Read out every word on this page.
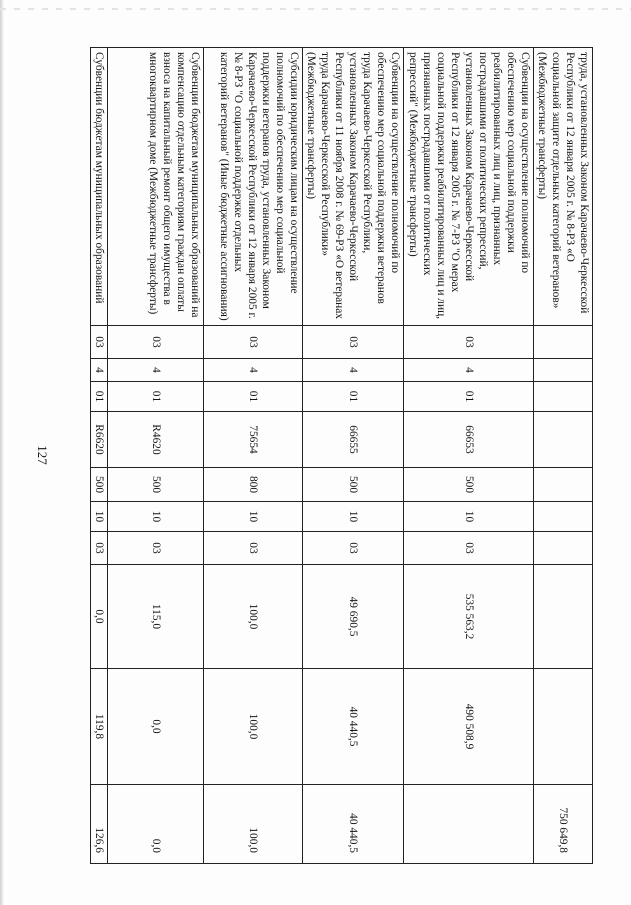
127
труда, установленных Законом Карачаево-Черкесской Республики от 12 января 2005 г. № 8-РЗ «О социальной защите отдельных категорий ветеранов» (Межбюджетные трансферты)										750 649,8
Субвенции на осуществление полномочий по обеспечению мер социальной поддержки реабилитированных лиц и лиц, признанных пострадавшими от политических репрессий, установленных Законом Карачаево-Черкесской Республики от 12 января 2005 г. № 7-РЗ "О мерах социальной поддержки реабилитированных лиц и лиц, признанных пострадавшими от политических репрессий" (Межбюджетные трансферты)	03	4	01	66653	500	10	03	535 563,2	490 508,9	
Субвенции на осуществление полномочий по обеспечению мер социальной поддержки ветеранов труда Карачаево-Черкесской Республики, установленных Законом Карачаево-Черкесской Республики от 11 ноября 2008 г. № 69-РЗ «О ветеранах труда Карачаево-Черкесской Республики» (Межбюджетные трансферты)	03	4	01	66655	500	10	03	49 690,5	40 440,5	40 440,5
Субсидии юридическим лицам на осуществление полномочий по обеспечению мер социальной поддержки ветеранов труда, установленных Законом Карачаево-Черкесской Республики от 12 января 2005 г. № 8-РЗ "О социальной поддержке отдельных категорий ветеранов" (Иные бюджетные ассигнования)	03	4	01	75654	800	10	03	100,0	100,0	100,0
Субвенции бюджетам муниципальных образований на компенсацию отдельным категориям граждан оплаты взноса на капитальный ремонт общего имущества в многоквартирном доме (Межбюджетные трансферты)	03	4	01	R4620	500	10	03	115,0	0,0	0,0
Субвенции бюджетам муниципальных образований	03	4	01	R6620	500	10	03	0,0	119,8	126,6
